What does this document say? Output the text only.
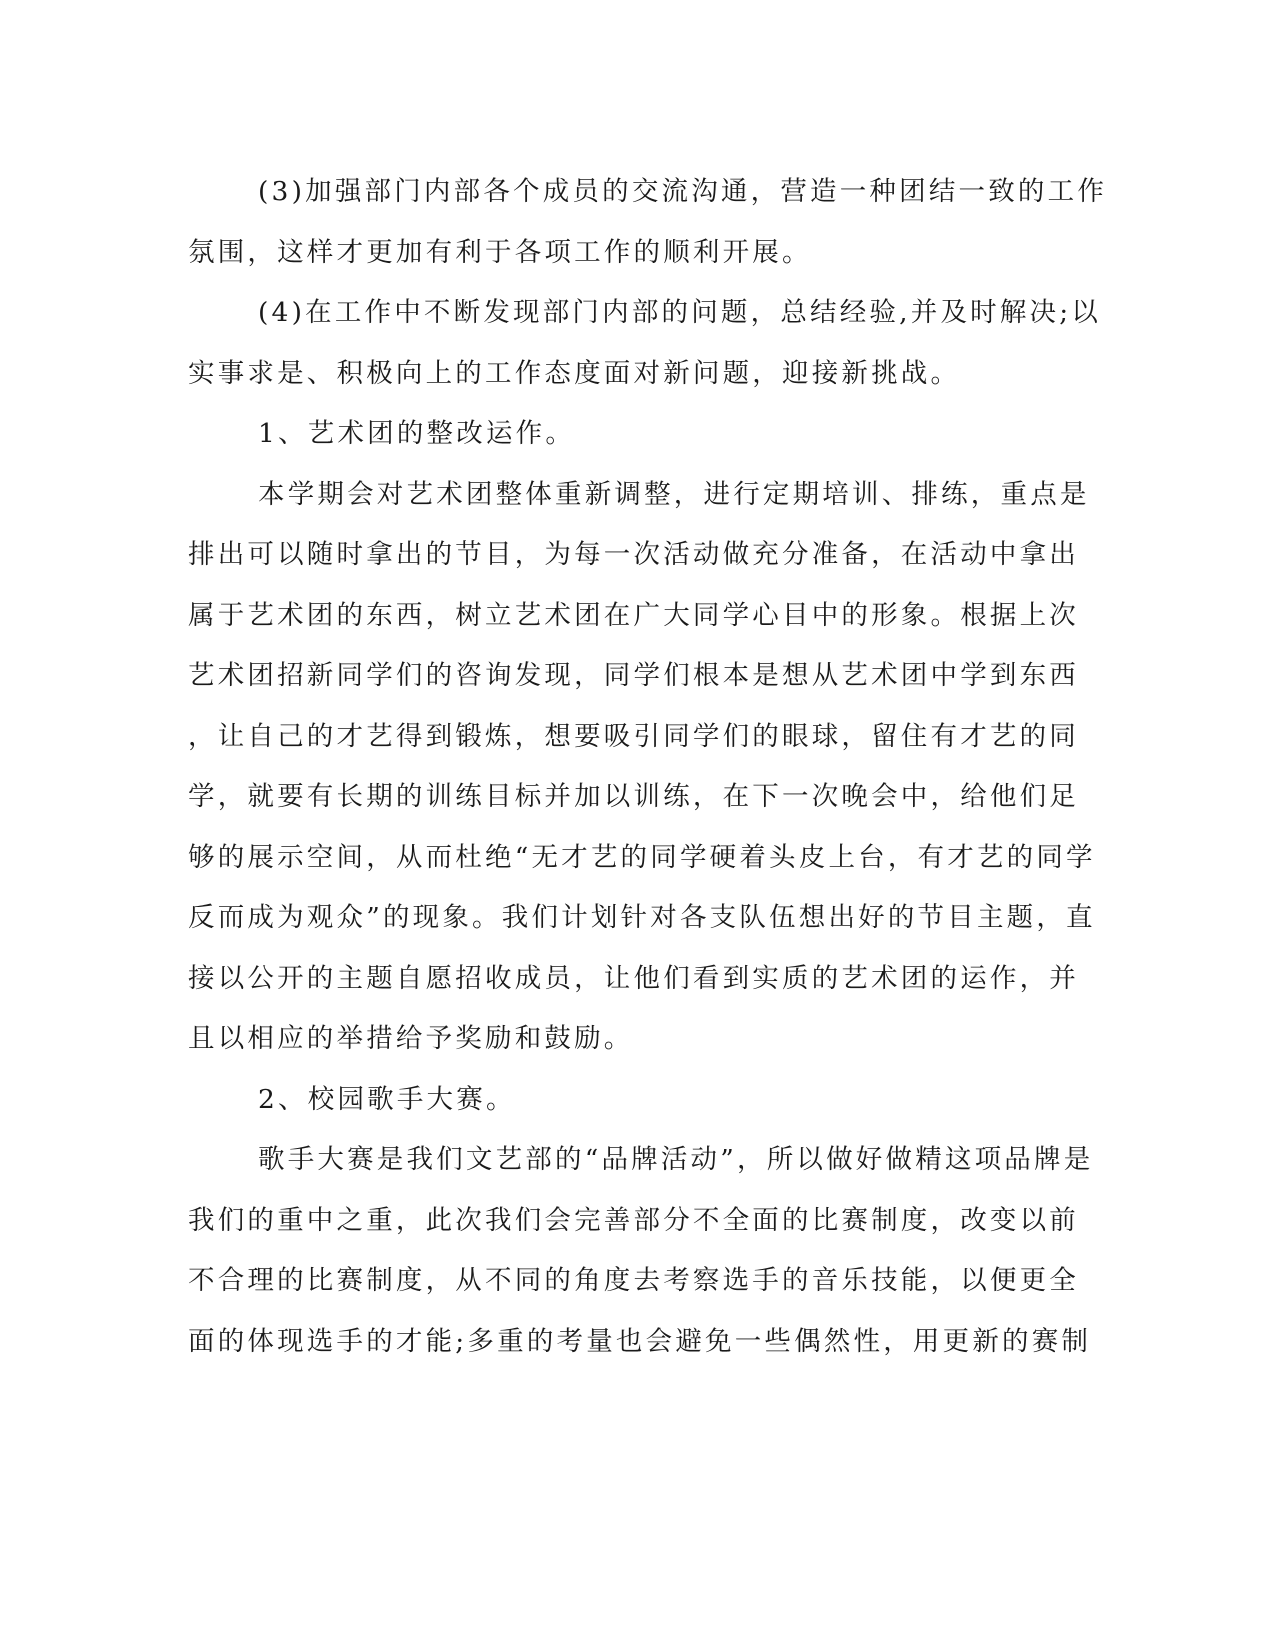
(3)加强部门内部各个成员的交流沟通，营造一种团结一致的工作
氛围，这样才更加有利于各项工作的顺利开展。
(4)在工作中不断发现部门内部的问题，总结经验,并及时解决;以
实事求是、积极向上的工作态度面对新问题，迎接新挑战。
1、艺术团的整改运作。
本学期会对艺术团整体重新调整，进行定期培训、排练，重点是
排出可以随时拿出的节目，为每一次活动做充分准备，在活动中拿出
属于艺术团的东西，树立艺术团在广大同学心目中的形象。根据上次
艺术团招新同学们的咨询发现，同学们根本是想从艺术团中学到东西
，让自己的才艺得到锻炼，想要吸引同学们的眼球，留住有才艺的同
学，就要有长期的训练目标并加以训练，在下一次晚会中，给他们足
够的展示空间，从而杜绝“无才艺的同学硬着头皮上台，有才艺的同学
反而成为观众”的现象。我们计划针对各支队伍想出好的节目主题，直
接以公开的主题自愿招收成员，让他们看到实质的艺术团的运作，并
且以相应的举措给予奖励和鼓励。
2、校园歌手大赛。
歌手大赛是我们文艺部的“品牌活动”，所以做好做精这项品牌是
我们的重中之重，此次我们会完善部分不全面的比赛制度，改变以前
不合理的比赛制度，从不同的角度去考察选手的音乐技能，以便更全
面的体现选手的才能;多重的考量也会避免一些偶然性，用更新的赛制
